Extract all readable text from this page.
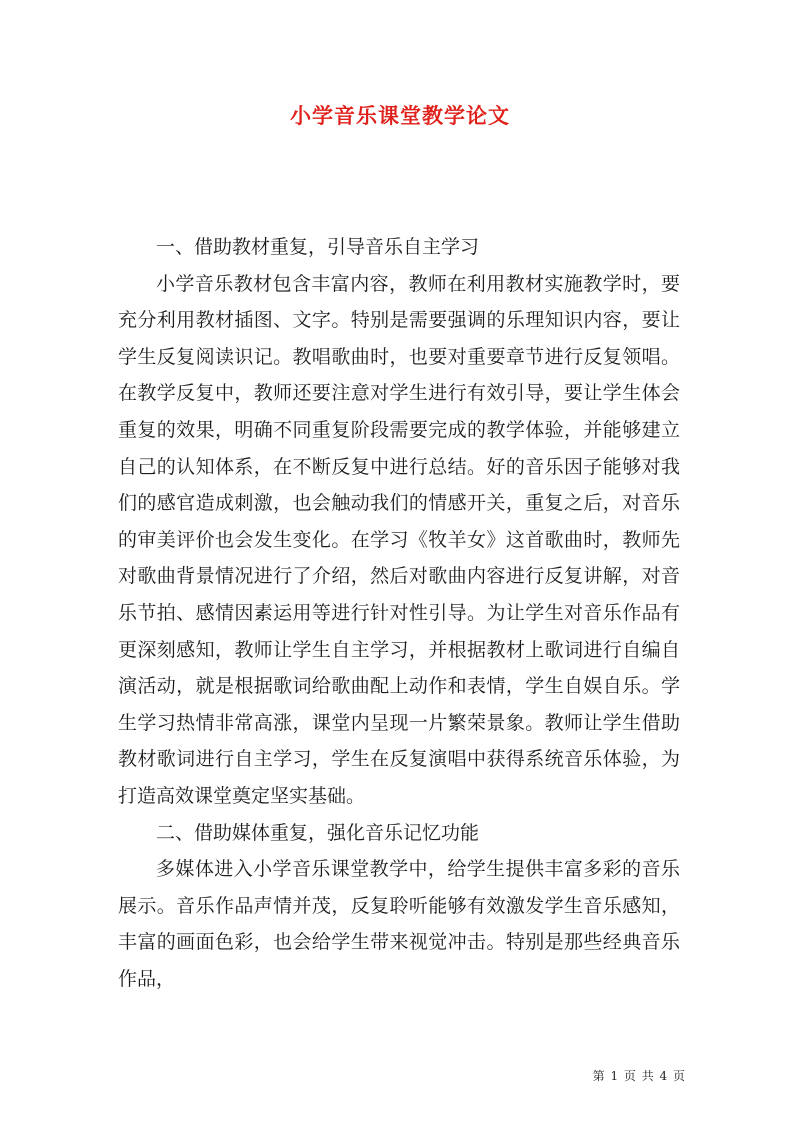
小学音乐课堂教学论文

一、借助教材重复，引导音乐自主学习

小学音乐教材包含丰富内容，教师在利用教材实施教学时，要充分利用教材插图、文字。特别是需要强调的乐理知识内容，要让学生反复阅读识记。教唱歌曲时，也要对重要章节进行反复领唱。在教学反复中，教师还要注意对学生进行有效引导，要让学生体会重复的效果，明确不同重复阶段需要完成的教学体验，并能够建立自己的认知体系，在不断反复中进行总结。好的音乐因子能够对我们的感官造成刺激，也会触动我们的情感开关，重复之后，对音乐的审美评价也会发生变化。在学习《牧羊女》这首歌曲时，教师先对歌曲背景情况进行了介绍，然后对歌曲内容进行反复讲解，对音乐节拍、感情因素运用等进行针对性引导。为让学生对音乐作品有更深刻感知，教师让学生自主学习，并根据教材上歌词进行自编自演活动，就是根据歌词给歌曲配上动作和表情，学生自娱自乐。学生学习热情非常高涨，课堂内呈现一片繁荣景象。教师让学生借助教材歌词进行自主学习，学生在反复演唱中获得系统音乐体验，为打造高效课堂奠定坚实基础。

二、借助媒体重复，强化音乐记忆功能

多媒体进入小学音乐课堂教学中，给学生提供丰富多彩的音乐展示。音乐作品声情并茂，反复聆听能够有效激发学生音乐感知，丰富的画面色彩，也会给学生带来视觉冲击。特别是那些经典音乐作品，

第 1 页 共 4 页
